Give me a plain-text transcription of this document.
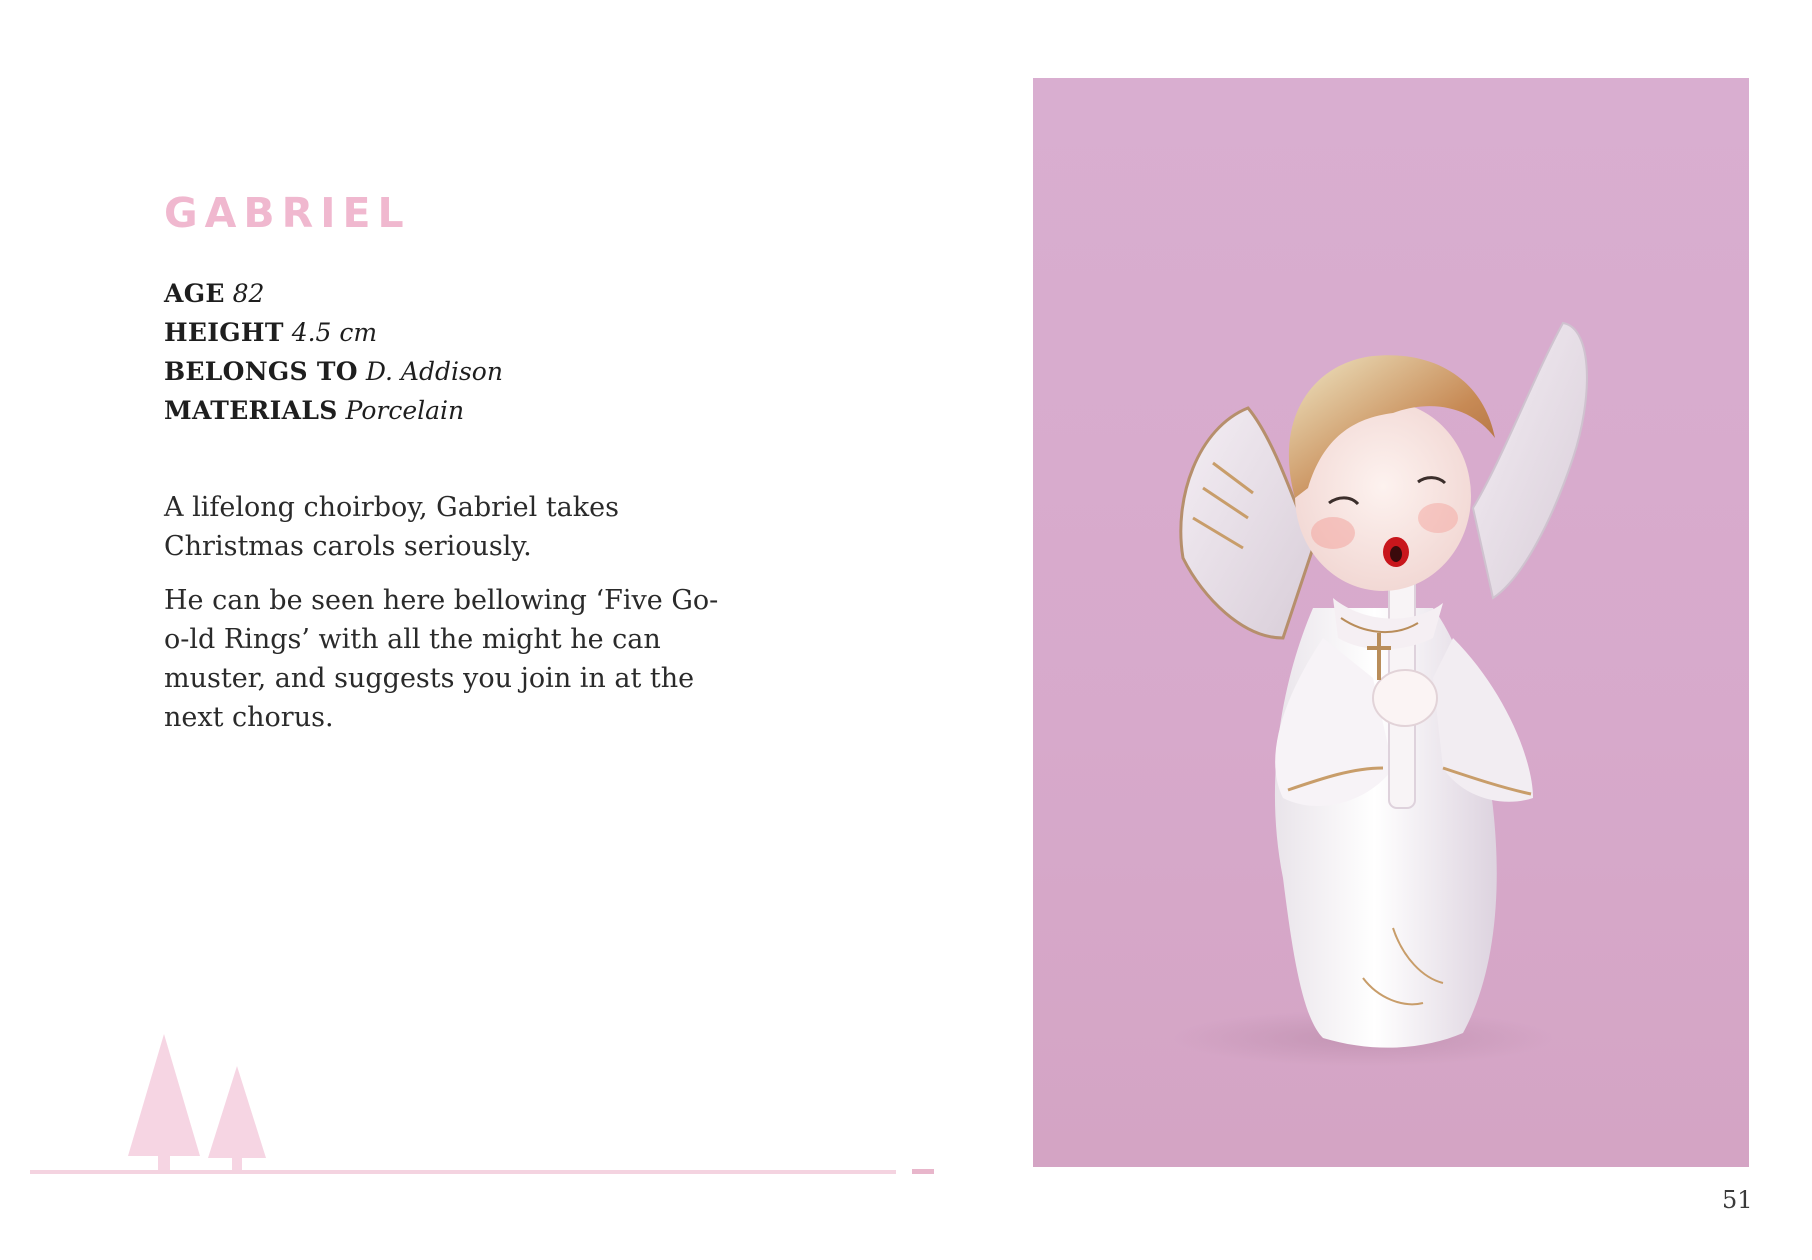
GABRIEL
AGE 82
HEIGHT 4.5 cm
BELONGS TO D. Addison
MATERIALS Porcelain

A lifelong choirboy, Gabriel takes Christmas carols seriously.

He can be seen here bellowing ‘Five Go-o-ld Rings’ with all the might he can muster, and suggests you join in at the next chorus.

51
